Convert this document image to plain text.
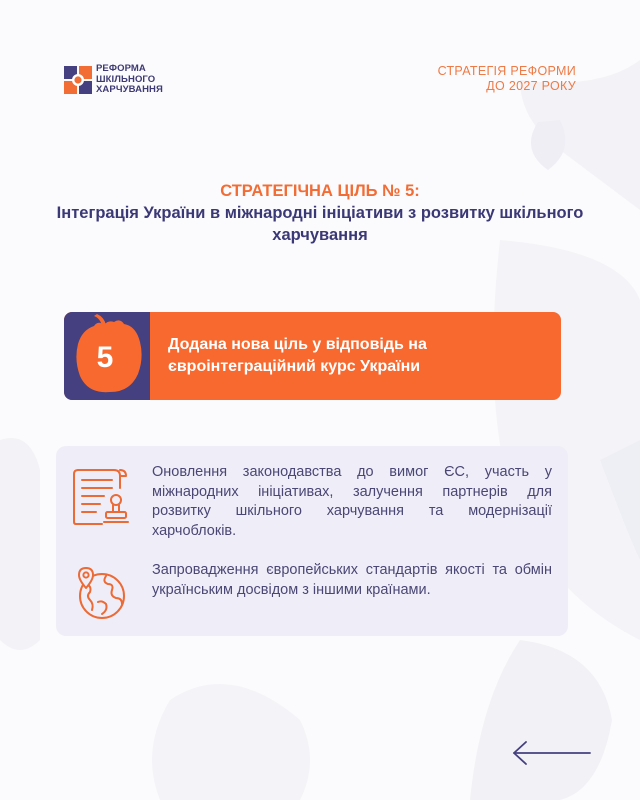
РЕФОРМА
ШКІЛЬНОГО
ХАРЧУВАННЯ
СТРАТЕГІЯ РЕФОРМИ
ДО 2027 РОКУ
СТРАТЕГІЧНА ЦІЛЬ № 5:
Інтеграція України в міжнародні ініціативи з розвитку шкільного харчування
5	Додана нова ціль у відповідь на євроінтеграційний курс України
Оновлення законодавства до вимог ЄС, участь у міжнародних ініціативах, залучення партнерів для розвитку шкільного харчування та модернізації харчоблоків.
Запровадження європейських стандартів якості та обмін українським досвідом з іншими країнами.
